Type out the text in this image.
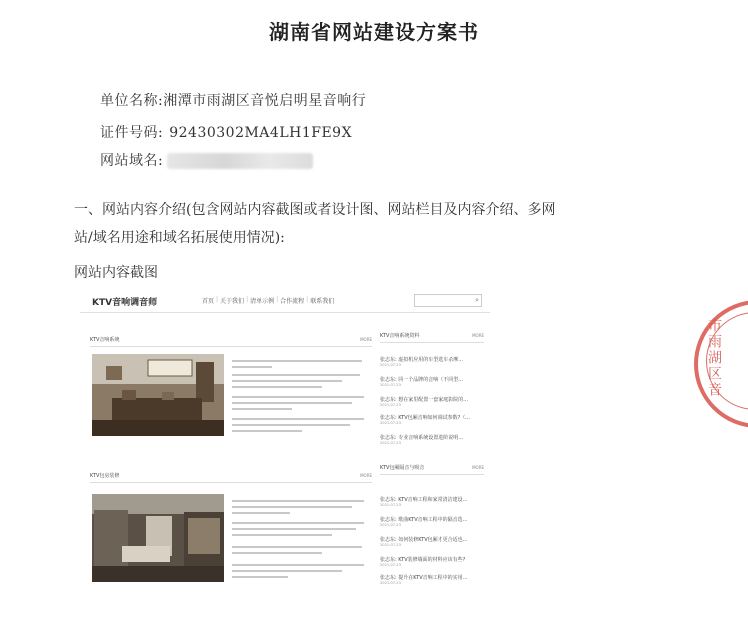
湖南省网站建设方案书
单位名称:湘潭市雨湖区音悦启明星音响行
证件号码: 92430302MA4LH1FE9X
网站域名:
一、网站内容介绍(包含网站内容截图或者设计图、网站栏目及内容介绍、多网
站/域名用途和域名拓展使用情况):
网站内容截图
KTV音响调音师	首页 | 关于我们 | 清单示例 | 合作流程 | 联系我们	⌕
KTV音响系统	MORE
KTV包房装修	MORE
KTV音响系统资料	MORE
张志东: 虚拟机应用的车型选车杀摩...
2021-07-23
张志东: 同一个品牌的音响（不同型...
2021-07-23
张志东: 想在家里配置一套家庭影院的...
2021-07-23
张志东: KTV包厢音响如何调试参数?（...
2021-07-23
张志东: 专业音响系统设置进阶说明...
2021-07-23
KTV包厢隔音与吸音	MORE
张志东: KTV音响工程和家常清洁建设...
2021-07-23
张志东: 歌曲KTV音响工程中的隔音选...
2021-07-23
张志东: 如何装修KTV包厢才更合适也...
2021-07-23
张志东: KTV装修墙面的材料应该有些?
2021-07-23
张志东: 提升在KTV音响工程中的实用...
2021-07-23
市雨湖区音
